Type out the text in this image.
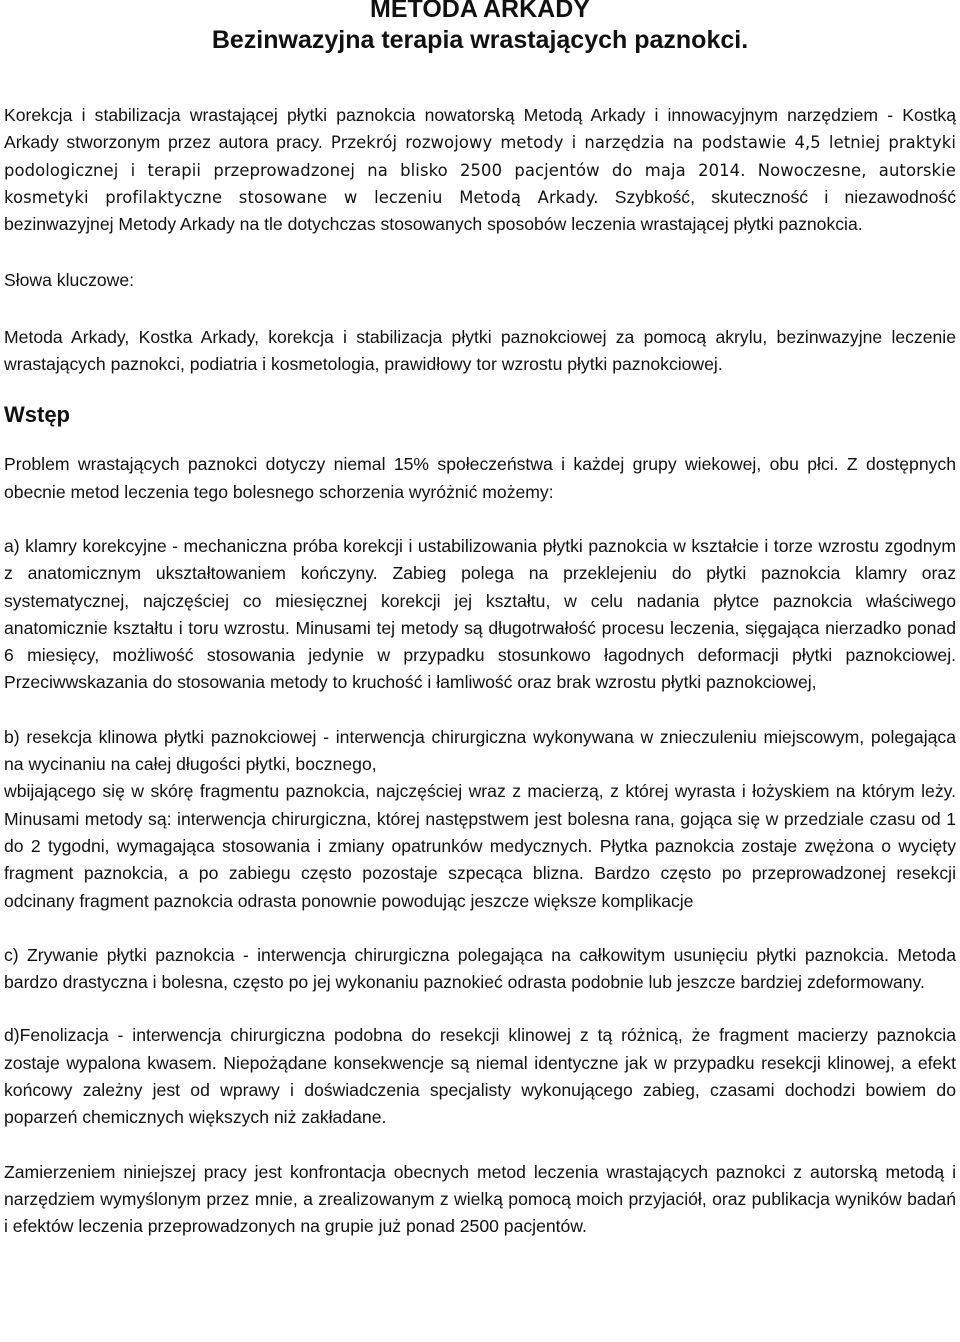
METODA ARKADY
Bezinwazyjna terapia wrastających paznokci.

Korekcja i stabilizacja wrastającej płytki paznokcia nowatorską Metodą Arkady i innowacyjnym narzędziem - Kostką Arkady stworzonym przez autora pracy. Przekrój rozwojowy metody i narzędzia na podstawie 4,5 letniej praktyki podologicznej i terapii przeprowadzonej na blisko 2500 pacjentów do maja 2014. Nowoczesne, autorskie kosmetyki profilaktyczne stosowane w leczeniu Metodą Arkady. Szybkość, skuteczność i niezawodność bezinwazyjnej Metody Arkady na tle dotychczas stosowanych sposobów leczenia wrastającej płytki paznokcia.

Słowa kluczowe:

Metoda Arkady, Kostka Arkady, korekcja i stabilizacja płytki paznokciowej za pomocą akrylu, bezinwazyjne leczenie wrastających paznokci, podiatria i kosmetologia, prawidłowy tor wzrostu płytki paznokciowej.

Wstęp

Problem wrastających paznokci dotyczy niemal 15% społeczeństwa i każdej grupy wiekowej, obu płci. Z dostępnych obecnie metod leczenia tego bolesnego schorzenia wyróżnić możemy:

a) klamry korekcyjne - mechaniczna próba korekcji i ustabilizowania płytki paznokcia w kształcie i torze wzrostu zgodnym z anatomicznym ukształtowaniem kończyny. Zabieg polega na przeklejeniu do płytki paznokcia klamry oraz systematycznej, najczęściej co miesięcznej korekcji jej kształtu, w celu nadania płytce paznokcia właściwego anatomicznie kształtu i toru wzrostu. Minusami tej metody są długotrwałość procesu leczenia, sięgająca nierzadko ponad 6 miesięcy, możliwość stosowania jedynie w przypadku stosunkowo łagodnych deformacji płytki paznokciowej. Przeciwwskazania do stosowania metody to kruchość i łamliwość oraz brak wzrostu płytki paznokciowej,

b) resekcja klinowa płytki paznokciowej - interwencja chirurgiczna wykonywana w znieczuleniu miejscowym, polegająca na wycinaniu na całej długości płytki, bocznego,

wbijającego się w skórę fragmentu paznokcia, najczęściej wraz z macierzą, z której wyrasta i łożyskiem na którym leży. Minusami metody są: interwencja chirurgiczna, której następstwem jest bolesna rana, gojąca się w przedziale czasu od 1 do 2 tygodni, wymagająca stosowania i zmiany opatrunków medycznych. Płytka paznokcia zostaje zwężona o wycięty fragment paznokcia, a po zabiegu często pozostaje szpecąca blizna. Bardzo często po przeprowadzonej resekcji odcinany fragment paznokcia odrasta ponownie powodując jeszcze większe komplikacje

c) Zrywanie płytki paznokcia - interwencja chirurgiczna polegająca na całkowitym usunięciu płytki paznokcia. Metoda bardzo drastyczna i bolesna, często po jej wykonaniu paznokieć odrasta podobnie lub jeszcze bardziej zdeformowany.

d)Fenolizacja - interwencja chirurgiczna podobna do resekcji klinowej z tą różnicą, że fragment macierzy paznokcia zostaje wypalona kwasem. Niepożądane konsekwencje są niemal identyczne jak w przypadku resekcji klinowej, a efekt końcowy zależny jest od wprawy i doświadczenia specjalisty wykonującego zabieg, czasami dochodzi bowiem do poparzeń chemicznych większych niż zakładane.

Zamierzeniem niniejszej pracy jest konfrontacja obecnych metod leczenia wrastających paznokci z autorską metodą i narzędziem wymyślonym przez mnie, a zrealizowanym z wielką pomocą moich przyjaciół, oraz publikacja wyników badań i efektów leczenia przeprowadzonych na grupie już ponad 2500 pacjentów.
